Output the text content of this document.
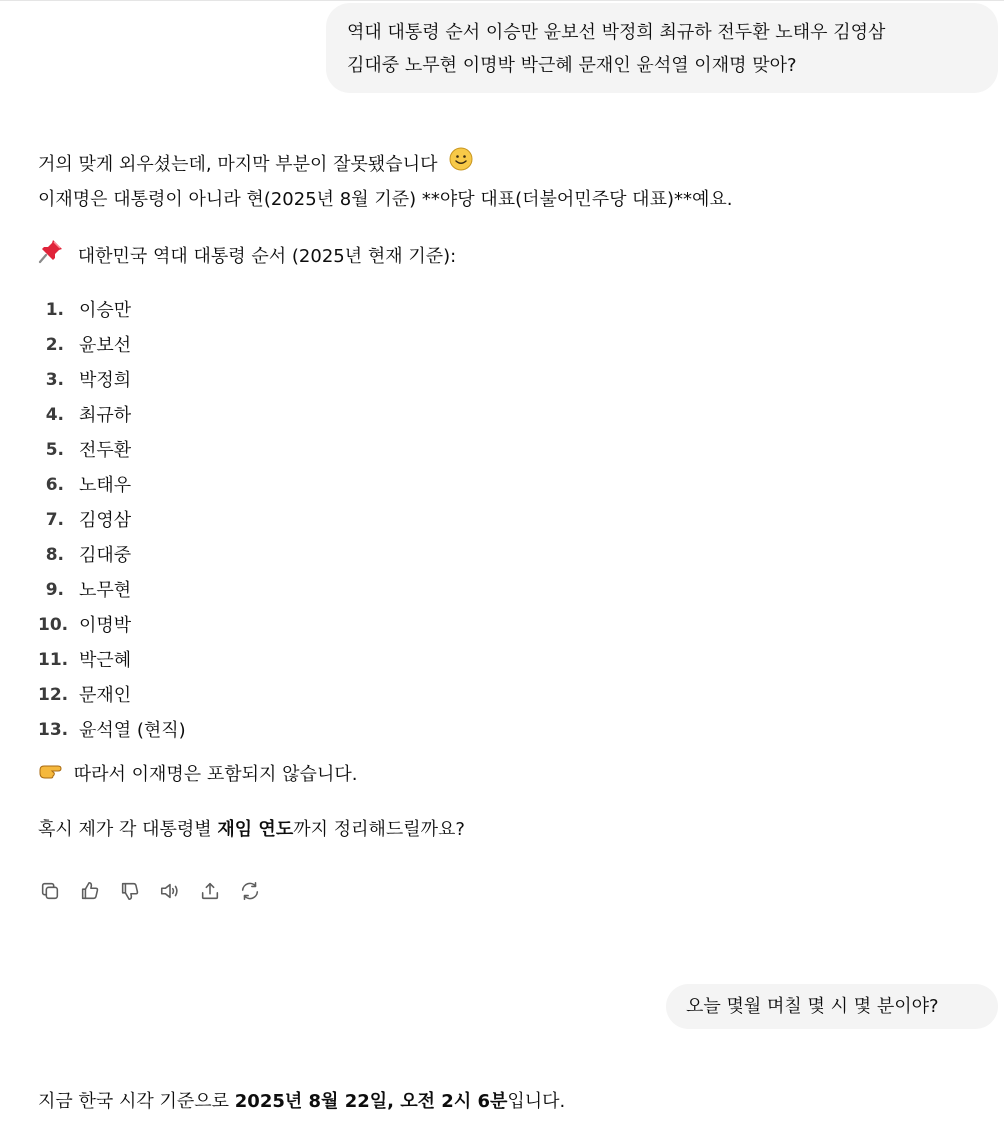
역대 대통령 순서 이승만 윤보선 박정희 최규하 전두환 노태우 김영삼
김대중 노무현 이명박 박근혜 문재인 윤석열 이재명 맞아?
거의 맞게 외우셨는데, 마지막 부분이 잘못됐습니다
이재명은 대통령이 아니라 현(2025년 8월 기준) **야당 대표(더불어민주당 대표)**예요.
대한민국 역대 대통령 순서 (2025년 현재 기준):
1. 이승만
2. 윤보선
3. 박정희
4. 최규하
5. 전두환
6. 노태우
7. 김영삼
8. 김대중
9. 노무현
10. 이명박
11. 박근혜
12. 문재인
13. 윤석열 (현직)
따라서 이재명은 포함되지 않습니다.
혹시 제가 각 대통령별 재임 연도까지 정리해드릴까요?
오늘 몇월 며칠 몇 시 몇 분이야?
지금 한국 시각 기준으로 2025년 8월 22일, 오전 2시 6분입니다.
